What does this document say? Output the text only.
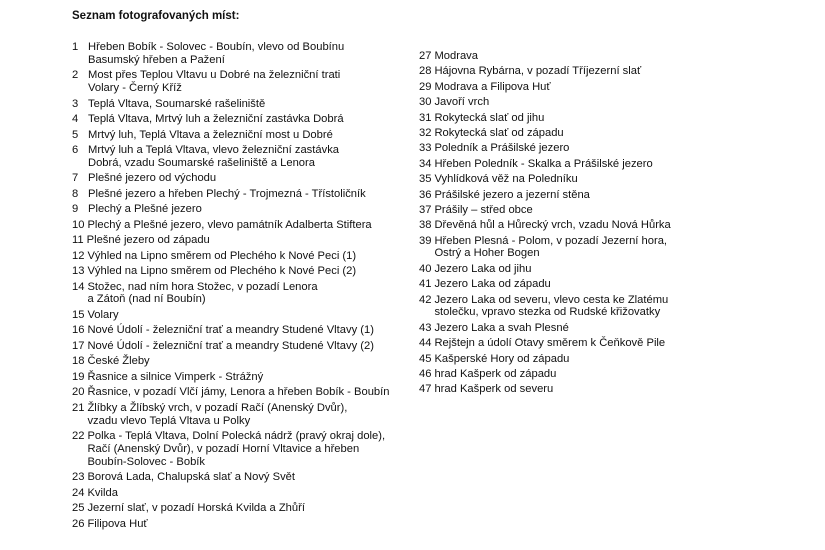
Seznam fotografovaných míst:
1 Hřeben Bobík - Solovec - Boubín, vlevo od Boubínu
Basumský hřeben a Pažení
2 Most přes Teplou Vltavu u Dobré na železniční trati
Volary - Černý Kříž
3 Teplá Vltava, Soumarské rašeliniště
4 Teplá Vltava, Mrtvý luh a železniční zastávka Dobrá
5 Mrtvý luh, Teplá Vltava a železniční most u Dobré
6 Mrtvý luh a Teplá Vltava, vlevo železniční zastávka
Dobrá, vzadu Soumarské rašeliniště a Lenora
7 Plešné jezero od východu
8 Plešné jezero a hřeben Plechý - Trojmezná - Třístoličník
9 Plechý a Plešné jezero
10 Plechý a Plešné jezero, vlevo památník Adalberta Stiftera
11 Plešné jezero od západu
12 Výhled na Lipno směrem od Plechého k Nové Peci (1)
13 Výhled na Lipno směrem od Plechého k Nové Peci (2)
14 Stožec, nad ním hora Stožec, v pozadí Lenora
a Zátoň (nad ní Boubín)
15 Volary
16 Nové Údolí - železniční trať a meandry Studené Vltavy (1)
17 Nové Údolí - železniční trať a meandry Studené Vltavy (2)
18 České Žleby
19 Řasnice a silnice Vimperk - Strážný
20 Řasnice, v pozadí Vlčí jámy, Lenora a hřeben Bobík - Boubín
21 Žlíbky a Žlíbský vrch, v pozadí Račí (Anenský Dvůr),
vzadu vlevo Teplá Vltava u Polky
22 Polka - Teplá Vltava, Dolní Polecká nádrž (pravý okraj dole),
Račí (Anenský Dvůr), v pozadí Horní Vltavice a hřeben
Boubín-Solovec - Bobík
23 Borová Lada, Chalupská slať a Nový Svět
24 Kvilda
25 Jezerní slať, v pozadí Horská Kvilda a Zhůří
26 Filipova Huť
27 Modrava
28 Hájovna Rybárna, v pozadí Tříjezerní slať
29 Modrava a Filipova Huť
30 Javoří vrch
31 Rokytecká slať od jihu
32 Rokytecká slať od západu
33 Poledník a Prášilské jezero
34 Hřeben Poledník - Skalka a Prášilské jezero
35 Vyhlídková věž na Poledníku
36 Prášilské jezero a jezerní stěna
37 Prášily – střed obce
38 Dřevěná hůl a Hůrecký vrch, vzadu Nová Hůrka
39 Hřeben Plesná - Polom, v pozadí Jezerní hora,
Ostrý a Hoher Bogen
40 Jezero Laka od jihu
41 Jezero Laka od západu
42 Jezero Laka od severu, vlevo cesta ke Zlatému
stolečku, vpravo stezka od Rudské křižovatky
43 Jezero Laka a svah Plesné
44 Rejštejn a údolí Otavy směrem k Čeňkově Pile
45 Kašperské Hory od západu
46 hrad Kašperk od západu
47 hrad Kašperk od severu
